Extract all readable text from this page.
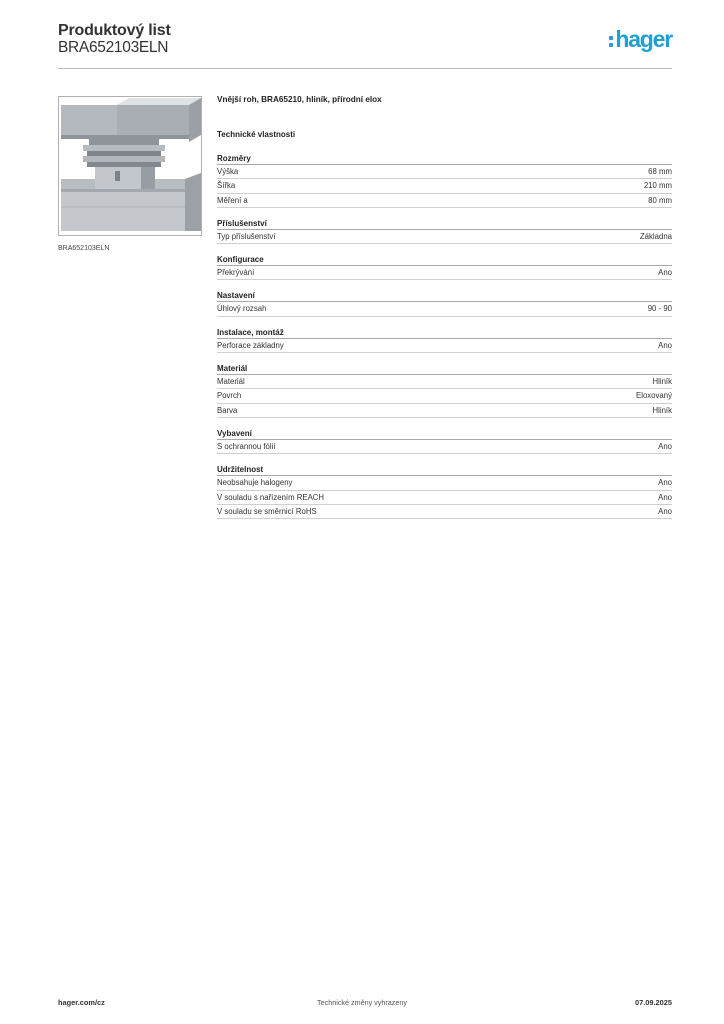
Produktový list
BRA652103ELN	hager
BRA652103ELN
Vnější roh, BRA65210, hliník, přírodní elox
Technické vlastnosti
Rozměry
Výška	68 mm
Šířka	210 mm
Měření a	80 mm
Příslušenství
Typ příslušenství	Základna
Konfigurace
Překrývání	Ano
Nastavení
Úhlový rozsah	90 - 90
Instalace, montáž
Perforace základny	Ano
Materiál
Materiál	Hliník
Povrch	Eloxovaný
Barva	Hliník
Vybavení
S ochrannou fólií	Ano
Udržitelnost
Neobsahuje halogeny	Ano
V souladu s nařízením REACH	Ano
V souladu se směrnicí RoHS	Ano
hager.com/cz	Technické změny vyhrazeny	07.09.2025
